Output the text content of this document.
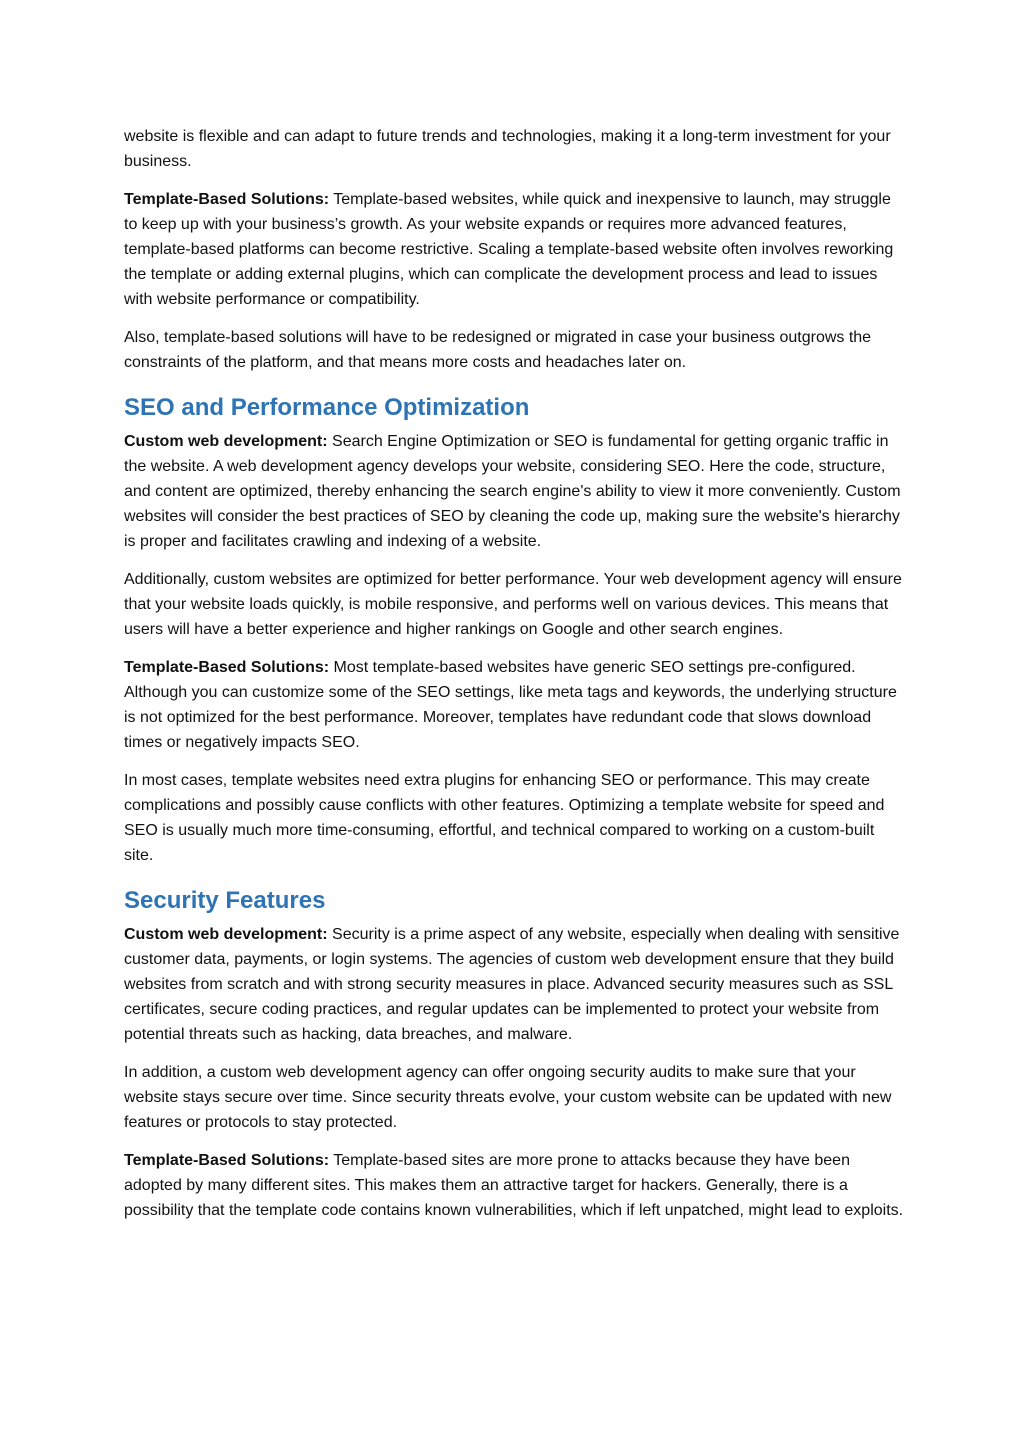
website is flexible and can adapt to future trends and technologies, making it a long-term investment for your business.

Template-Based Solutions: Template-based websites, while quick and inexpensive to launch, may struggle to keep up with your business’s growth. As your website expands or requires more advanced features, template-based platforms can become restrictive. Scaling a template-based website often involves reworking the template or adding external plugins, which can complicate the development process and lead to issues with website performance or compatibility.

Also, template-based solutions will have to be redesigned or migrated in case your business outgrows the constraints of the platform, and that means more costs and headaches later on.

SEO and Performance Optimization

Custom web development: Search Engine Optimization or SEO is fundamental for getting organic traffic in the website. A web development agency develops your website, considering SEO. Here the code, structure, and content are optimized, thereby enhancing the search engine's ability to view it more conveniently. Custom websites will consider the best practices of SEO by cleaning the code up, making sure the website's hierarchy is proper and facilitates crawling and indexing of a website.

Additionally, custom websites are optimized for better performance. Your web development agency will ensure that your website loads quickly, is mobile responsive, and performs well on various devices. This means that users will have a better experience and higher rankings on Google and other search engines.

Template-Based Solutions: Most template-based websites have generic SEO settings pre-configured. Although you can customize some of the SEO settings, like meta tags and keywords, the underlying structure is not optimized for the best performance. Moreover, templates have redundant code that slows download times or negatively impacts SEO.

In most cases, template websites need extra plugins for enhancing SEO or performance. This may create complications and possibly cause conflicts with other features. Optimizing a template website for speed and SEO is usually much more time-consuming, effortful, and technical compared to working on a custom-built site.

Security Features

Custom web development: Security is a prime aspect of any website, especially when dealing with sensitive customer data, payments, or login systems. The agencies of custom web development ensure that they build websites from scratch and with strong security measures in place. Advanced security measures such as SSL certificates, secure coding practices, and regular updates can be implemented to protect your website from potential threats such as hacking, data breaches, and malware.

In addition, a custom web development agency can offer ongoing security audits to make sure that your website stays secure over time. Since security threats evolve, your custom website can be updated with new features or protocols to stay protected.

Template-Based Solutions: Template-based sites are more prone to attacks because they have been adopted by many different sites. This makes them an attractive target for hackers. Generally, there is a possibility that the template code contains known vulnerabilities, which if left unpatched, might lead to exploits.
